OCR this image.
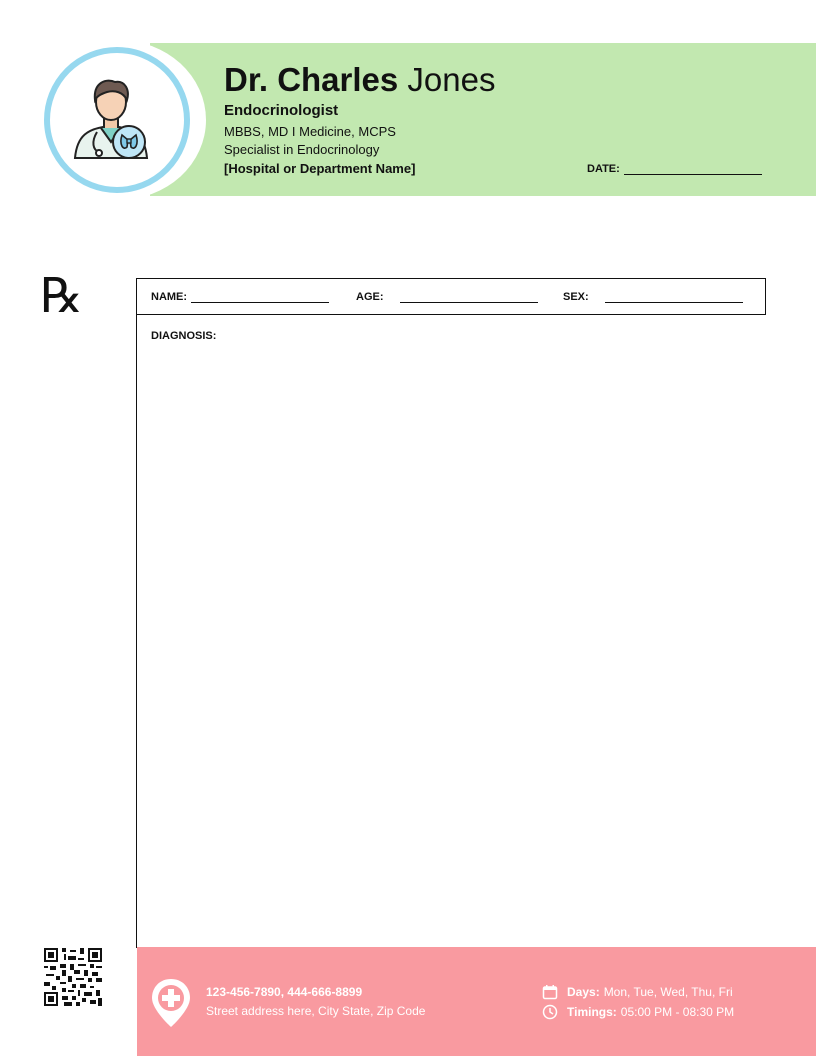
Dr. Charles Jones
Endocrinologist
MBBS, MD I Medicine, MCPS
Specialist in Endocrinology
[Hospital or Department Name]	DATE:
℞	NAME:	AGE:	SEX:
DIAGNOSIS:
123-456-7890, 444-666-8899
Street address here, City State, Zip Code
Days: Mon, Tue, Wed, Thu, Fri
Timings: 05:00 PM - 08:30 PM
